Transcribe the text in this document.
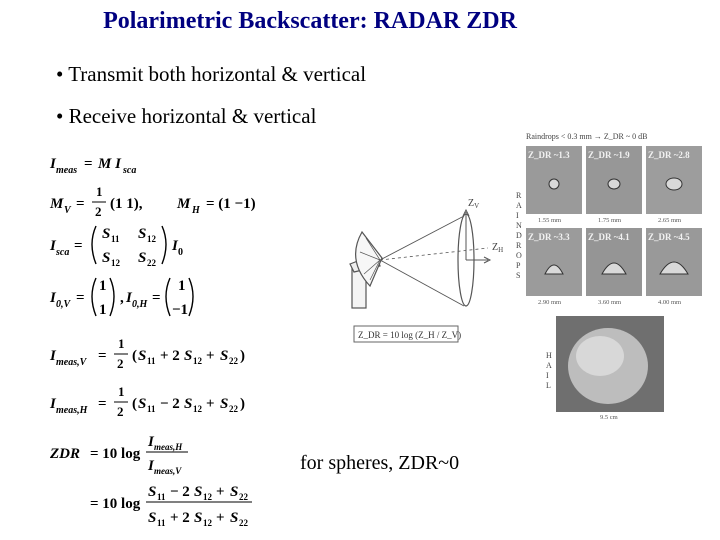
Polarimetric Backscatter: RADAR ZDR
• Transmit both horizontal & vertical
• Receive horizontal & vertical
I meas = M I sca
M V =
1
2 (1 1), M H = (1 −1)
I sca =
S 11 S 12
S 12 S 22
I 0
I 0,V =
1
1
, I 0,H =
1
−1
I meas,V =
1
2 ( S 11 + 2 S 12 + S 22 )
I meas,H =
1
2 ( S 11 − 2 S 12 + S 22 )
ZDR = 10 log
I meas,H
I meas,V
= 10 log
S 11 − 2 S 12 + S 22
S 11 + 2 S 12 + S 22
$Z_V$
$Z_H$
Z_DR = 10 log (Z_H / Z_V)
Raindrops < 0.3 mm → Z_DR ~ 0 dB
R
A
I
N
D
R
O
P
S
H
A
I
L
Z_DR ~1.3 Z_DR ~1.9 Z_DR ~2.8
Z_DR ~3.3 Z_DR ~4.1 Z_DR ~4.5
1.55 mm	1.75 mm	2.65 mm
2.90 mm	3.60 mm	4.00 mm
9.5 cm
for spheres, ZDR~0
